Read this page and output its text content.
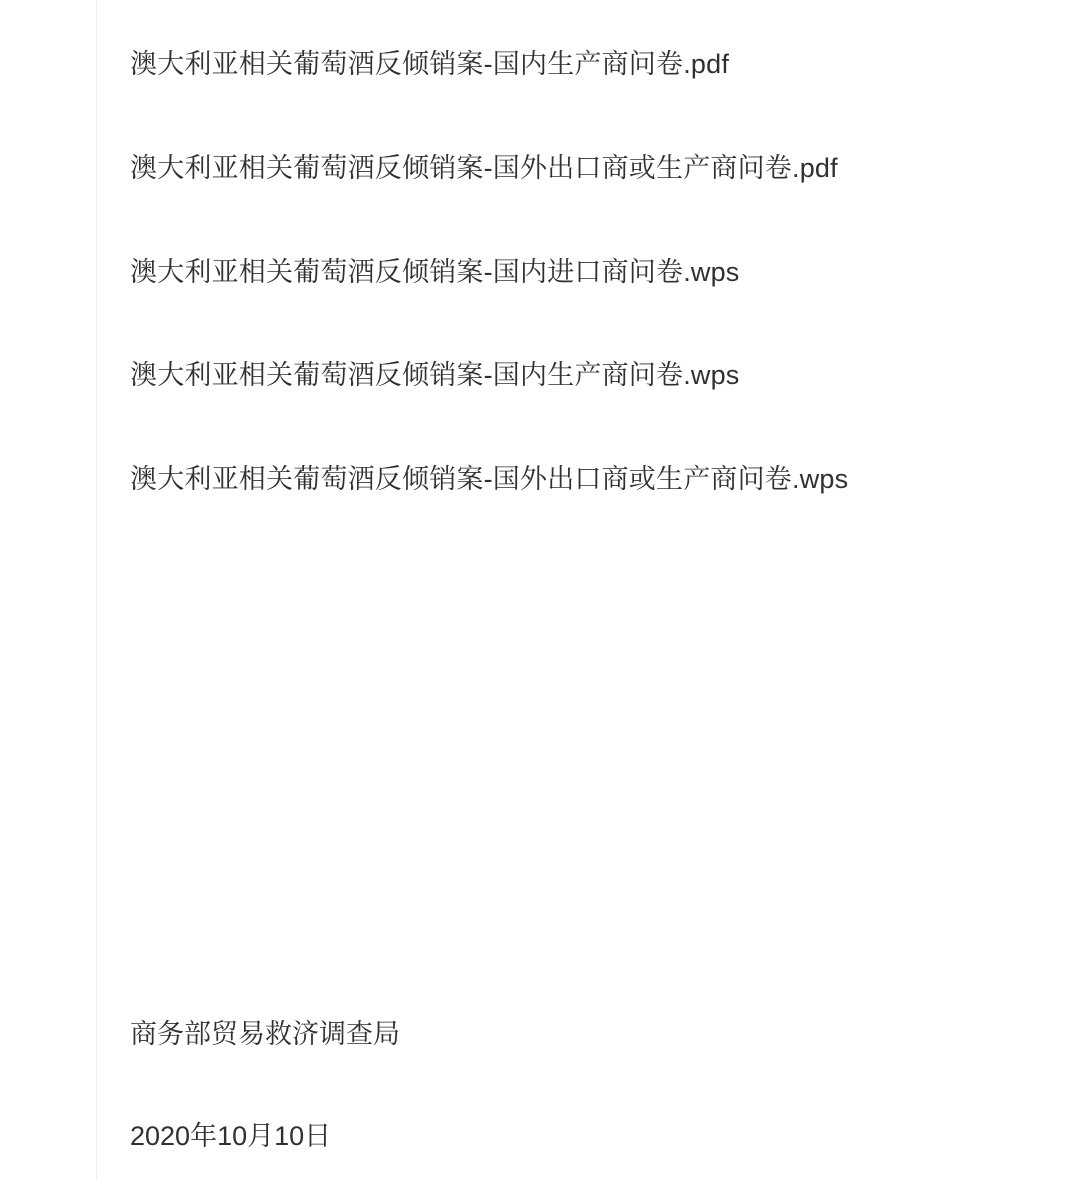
澳大利亚相关葡萄酒反倾销案-国内生产商问卷.pdf
澳大利亚相关葡萄酒反倾销案-国外出口商或生产商问卷.pdf
澳大利亚相关葡萄酒反倾销案-国内进口商问卷.wps
澳大利亚相关葡萄酒反倾销案-国内生产商问卷.wps
澳大利亚相关葡萄酒反倾销案-国外出口商或生产商问卷.wps
商务部贸易救济调查局
2020年10月10日
